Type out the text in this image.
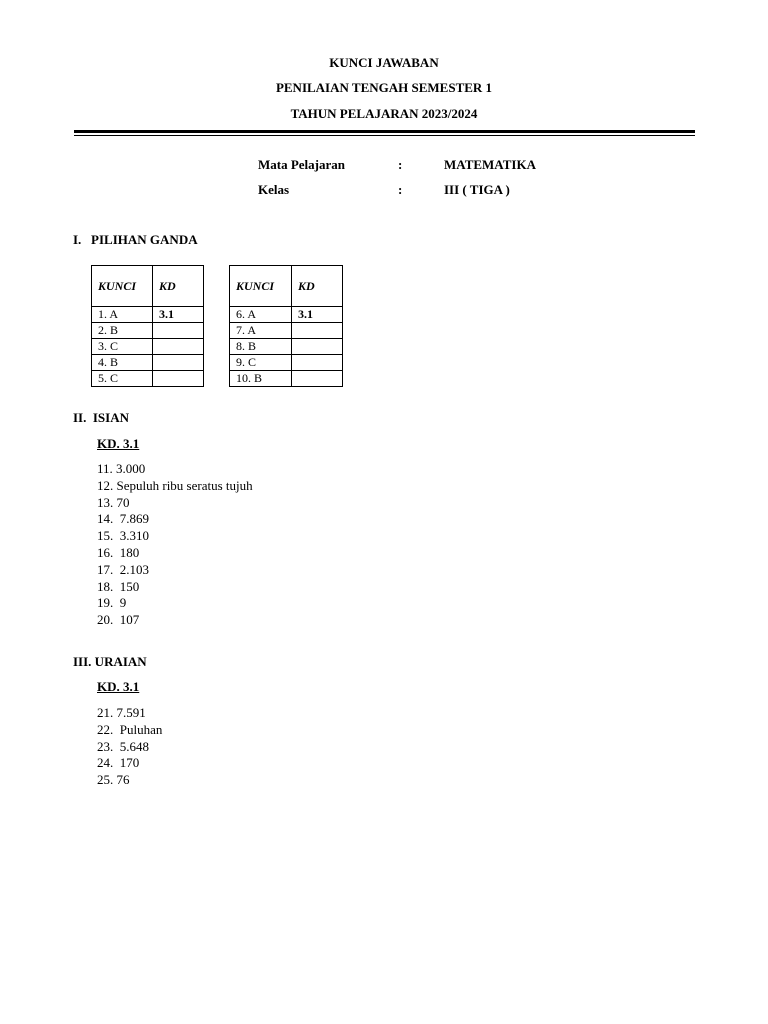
KUNCI JAWABAN
PENILAIAN TENGAH SEMESTER 1
TAHUN PELAJARAN 2023/2024
Mata Pelajaran	:	MATEMATIKA
Kelas	:	III ( TIGA )
I.   PILIHAN GANDA
KUNCI	KD
1. A	3.1
2. B	
3. C	
4. B	
5. C	
KUNCI	KD
6. A	3.1
7. A	
8. B	
9. C	
10. B	
II.  ISIAN
KD. 3.1
11. 3.000
12. Sepuluh ribu seratus tujuh
13. 70
14.  7.869
15.  3.310
16.  180
17.  2.103
18.  150
19.  9
20.  107
III. URAIAN
KD. 3.1
21. 7.591
22.  Puluhan
23.  5.648
24.  170
25. 76
